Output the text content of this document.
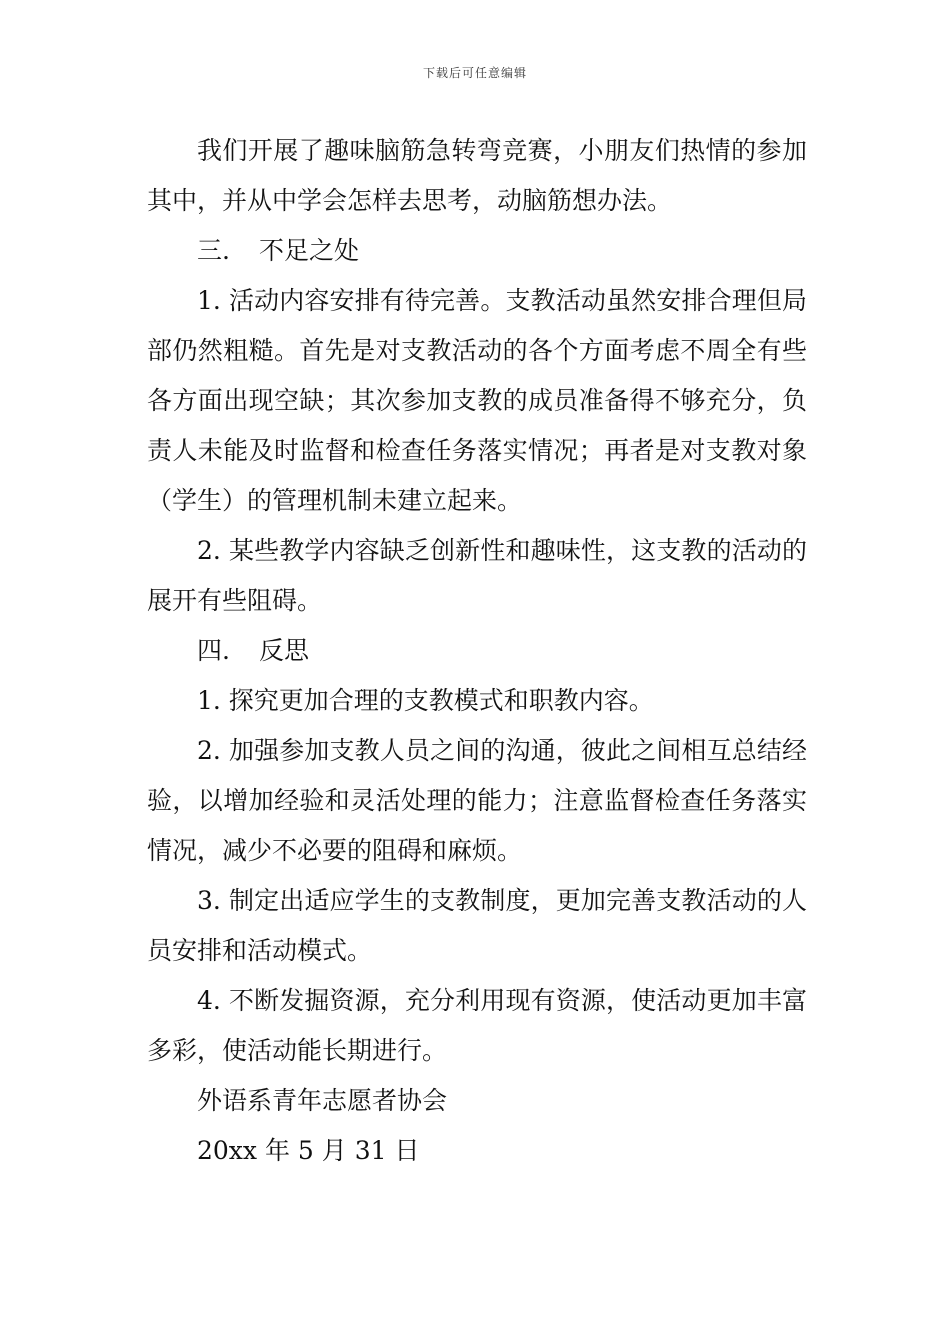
下载后可任意编辑

我们开展了趣味脑筋急转弯竞赛，小朋友们热情的参加其中，并从中学会怎样去思考，动脑筋想办法。

三. 不足之处

1. 活动内容安排有待完善。支教活动虽然安排合理但局部仍然粗糙。首先是对支教活动的各个方面考虑不周全有些各方面出现空缺；其次参加支教的成员准备得不够充分，负责人未能及时监督和检查任务落实情况；再者是对支教对象（学生）的管理机制未建立起来。

2. 某些教学内容缺乏创新性和趣味性，这支教的活动的展开有些阻碍。

四. 反思

1. 探究更加合理的支教模式和职教内容。

2. 加强参加支教人员之间的沟通，彼此之间相互总结经验，以增加经验和灵活处理的能力；注意监督检查任务落实情况，减少不必要的阻碍和麻烦。

3. 制定出适应学生的支教制度，更加完善支教活动的人员安排和活动模式。

4. 不断发掘资源，充分利用现有资源，使活动更加丰富多彩，使活动能长期进行。

外语系青年志愿者协会

20xx 年 5 月 31 日
